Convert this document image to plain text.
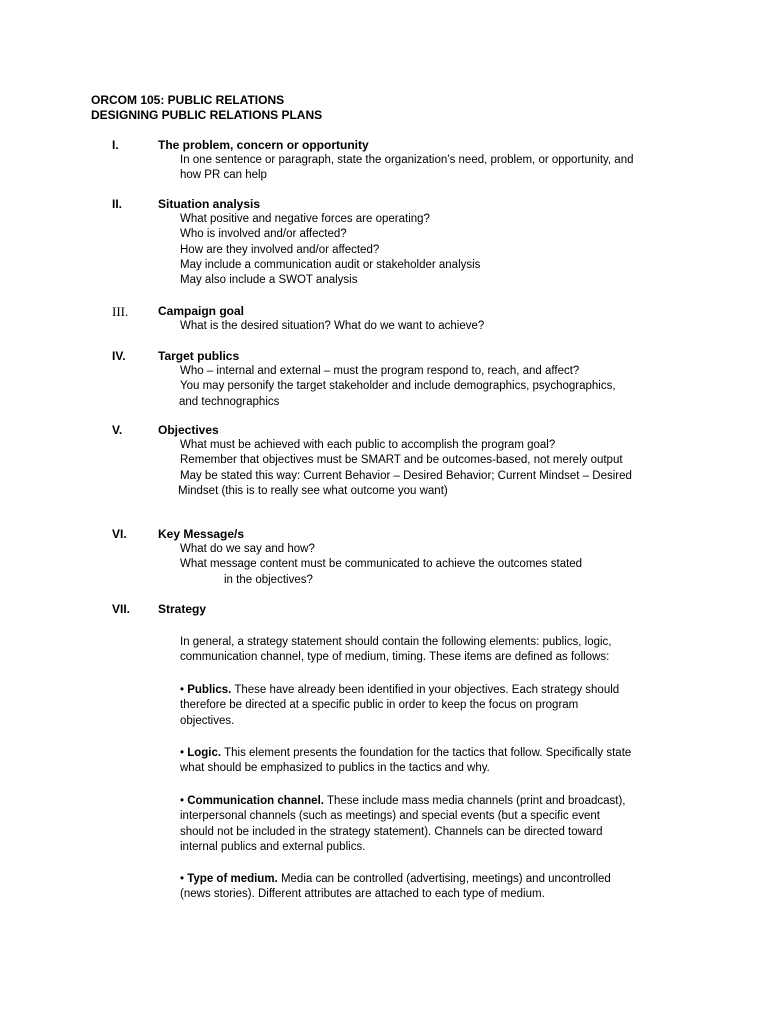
ORCOM 105: PUBLIC RELATIONS
DESIGNING PUBLIC RELATIONS PLANS
I.	The problem, concern or opportunity
In one sentence or paragraph, state the organization’s need, problem, or opportunity, and
how PR can help
II.	Situation analysis
What positive and negative forces are operating?
Who is involved and/or affected?
How are they involved and/or affected?
May include a communication audit or stakeholder analysis
May also include a SWOT analysis
III. Campaign goal
What is the desired situation? What do we want to achieve?
IV.	Target publics
Who – internal and external – must the program respond to, reach, and affect?
You may personify the target stakeholder and include demographics, psychographics,
and technographics
V.	Objectives
What must be achieved with each public to accomplish the program goal?
Remember that objectives must be SMART and be outcomes-based, not merely output
May be stated this way: Current Behavior – Desired Behavior; Current Mindset – Desired
Mindset (this is to really see what outcome you want)
VI.	Key Message/s
What do we say and how?
What message content must be communicated to achieve the outcomes stated
in the objectives?
VII. Strategy
In general, a strategy statement should contain the following elements: publics, logic,
communication channel, type of medium, timing. These items are defined as follows:
• Publics. These have already been identified in your objectives. Each strategy should
therefore be directed at a specific public in order to keep the focus on program
objectives.
• Logic. This element presents the foundation for the tactics that follow. Specifically state
what should be emphasized to publics in the tactics and why.
• Communication channel. These include mass media channels (print and broadcast),
interpersonal channels (such as meetings) and special events (but a specific event
should not be included in the strategy statement). Channels can be directed toward
internal publics and external publics.
• Type of medium. Media can be controlled (advertising, meetings) and uncontrolled
(news stories). Different attributes are attached to each type of medium.
